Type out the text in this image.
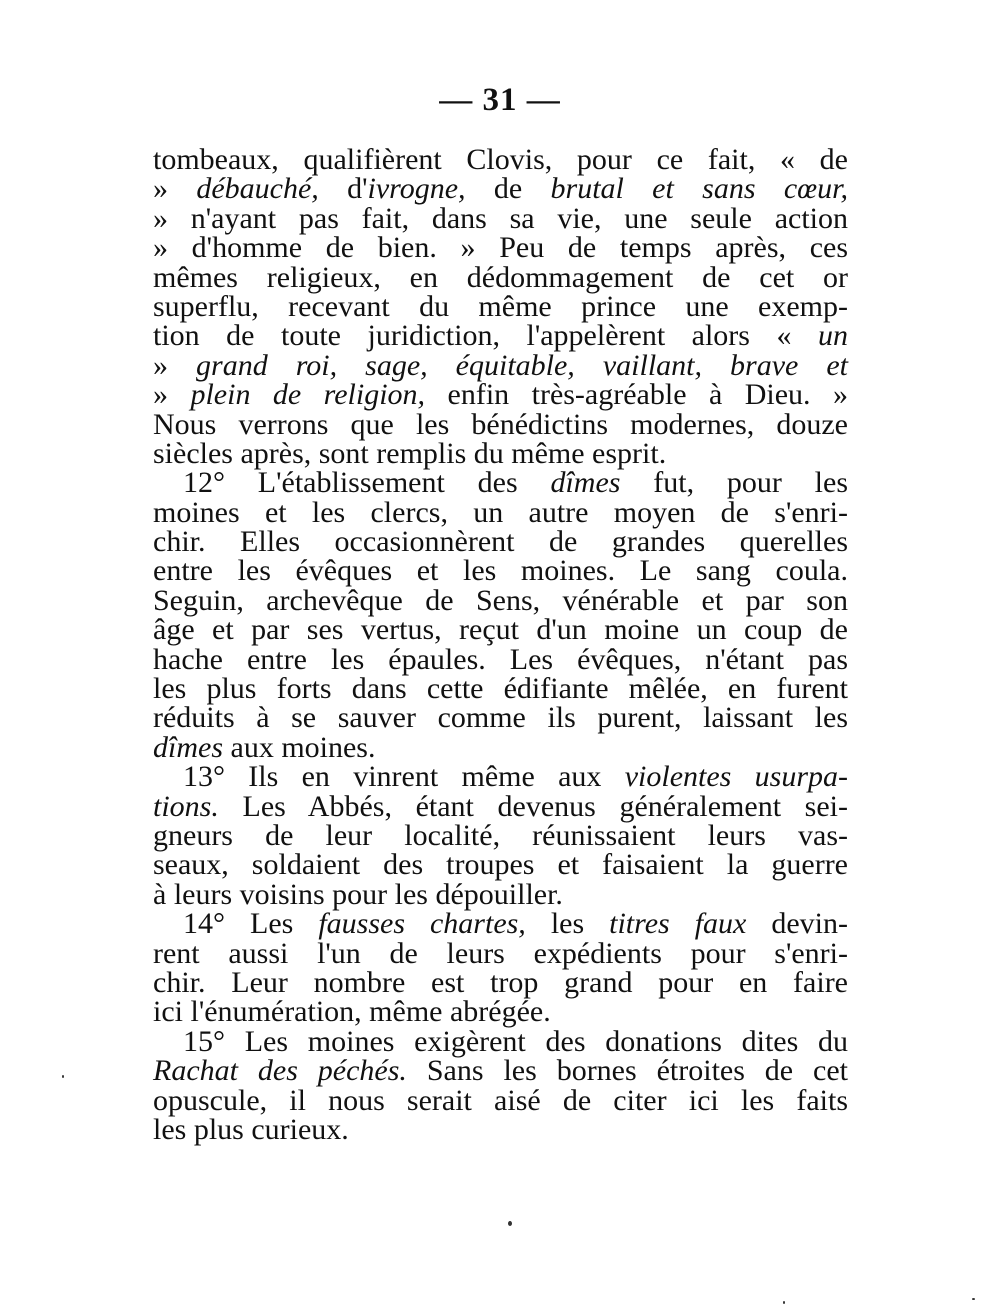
— 31 —
tombeaux, qualifièrent Clovis, pour ce fait, « de
» débauché, d'ivrogne, de brutal et sans cœur,
» n'ayant pas fait, dans sa vie, une seule action
» d'homme de bien. » Peu de temps après, ces
mêmes religieux, en dédommagement de cet or
superflu, recevant du même prince une exemp-
tion de toute juridiction, l'appelèrent alors « un
» grand roi, sage, équitable, vaillant, brave et
» plein de religion, enfin très-agréable à Dieu. »
Nous verrons que les bénédictins modernes, douze
siècles après, sont remplis du même esprit.
12° L'établissement des dîmes fut, pour les
moines et les clercs, un autre moyen de s'enri-
chir. Elles occasionnèrent de grandes querelles
entre les évêques et les moines. Le sang coula.
Seguin, archevêque de Sens, vénérable et par son
âge et par ses vertus, reçut d'un moine un coup de
hache entre les épaules. Les évêques, n'étant pas
les plus forts dans cette édifiante mêlée, en furent
réduits à se sauver comme ils purent, laissant les
dîmes aux moines.
13° Ils en vinrent même aux violentes usurpa-
tions. Les Abbés, étant devenus généralement sei-
gneurs de leur localité, réunissaient leurs vas-
seaux, soldaient des troupes et faisaient la guerre
à leurs voisins pour les dépouiller.
14° Les fausses chartes, les titres faux devin-
rent aussi l'un de leurs expédients pour s'enri-
chir. Leur nombre est trop grand pour en faire
ici l'énumération, même abrégée.
15° Les moines exigèrent des donations dites du
Rachat des péchés. Sans les bornes étroites de cet
opuscule, il nous serait aisé de citer ici les faits
les plus curieux.
